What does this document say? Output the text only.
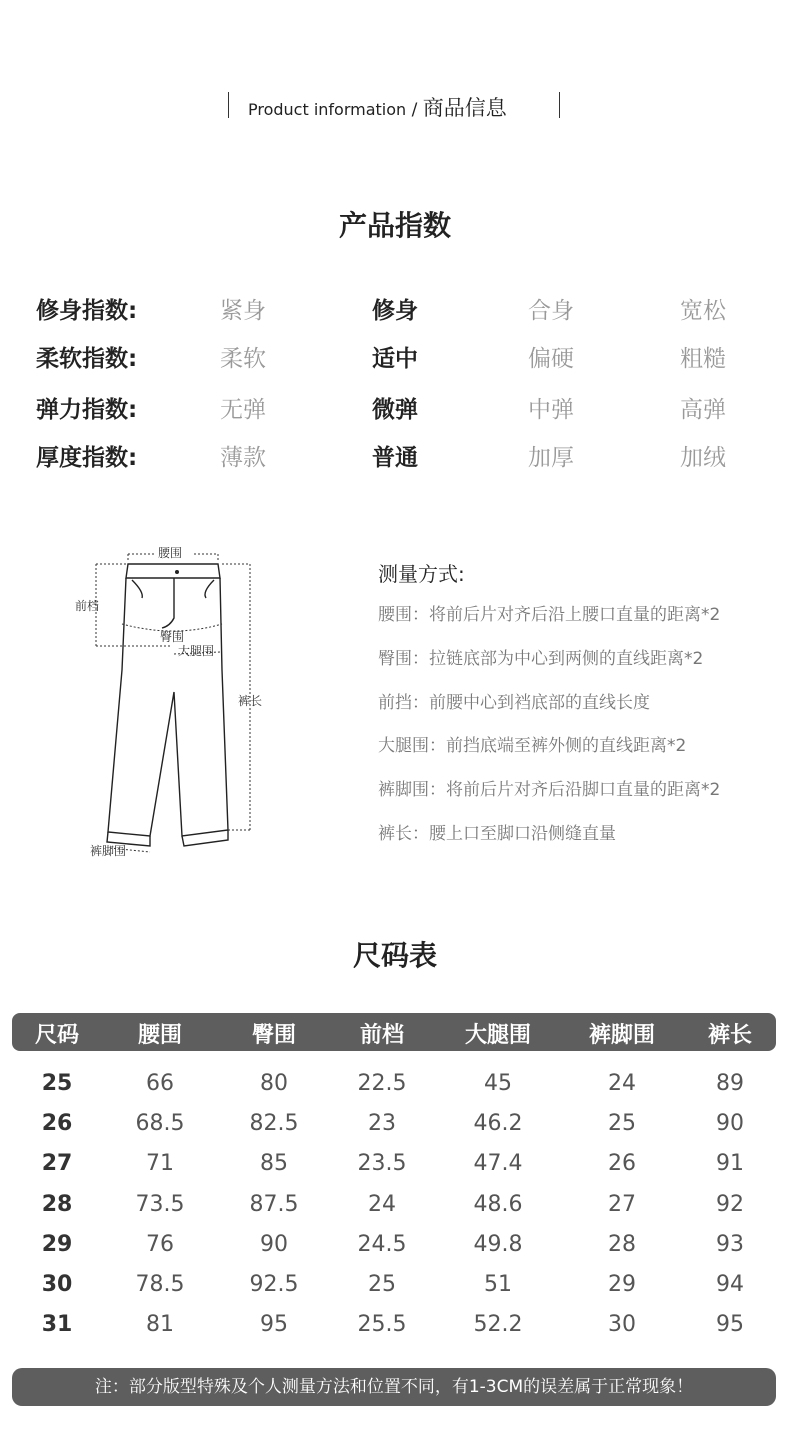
Product information / 商品信息
产品指数
修身指数:	紧身	修身	合身	宽松
柔软指数:	柔软	适中	偏硬	粗糙
弹力指数:	无弹	微弹	中弹	高弹
厚度指数:	薄款	普通	加厚	加绒
腰围
前档
臀围
大腿围
裤长
裤脚围
测量方式:
腰围：将前后片对齐后沿上腰口直量的距离*2
臀围：拉链底部为中心到两侧的直线距离*2
前挡：前腰中心到裆底部的直线长度
大腿围：前挡底端至裤外侧的直线距离*2
裤脚围：将前后片对齐后沿脚口直量的距离*2
裤长：腰上口至脚口沿侧缝直量
尺码表
尺码	腰围	臀围	前档	大腿围	裤脚围 裤长
25	66	80	22.5	45	24	89
26	68.5	82.5	23	46.2	25	90
27	71	85	23.5	47.4	26	91
28	73.5	87.5	24	48.6	27	92
29	76	90	24.5	49.8	28	93
30	78.5	92.5	25	51	29	94
31	81	95	25.5	52.2	30	95
注：部分版型特殊及个人测量方法和位置不同，有1-3CM的误差属于正常现象！
